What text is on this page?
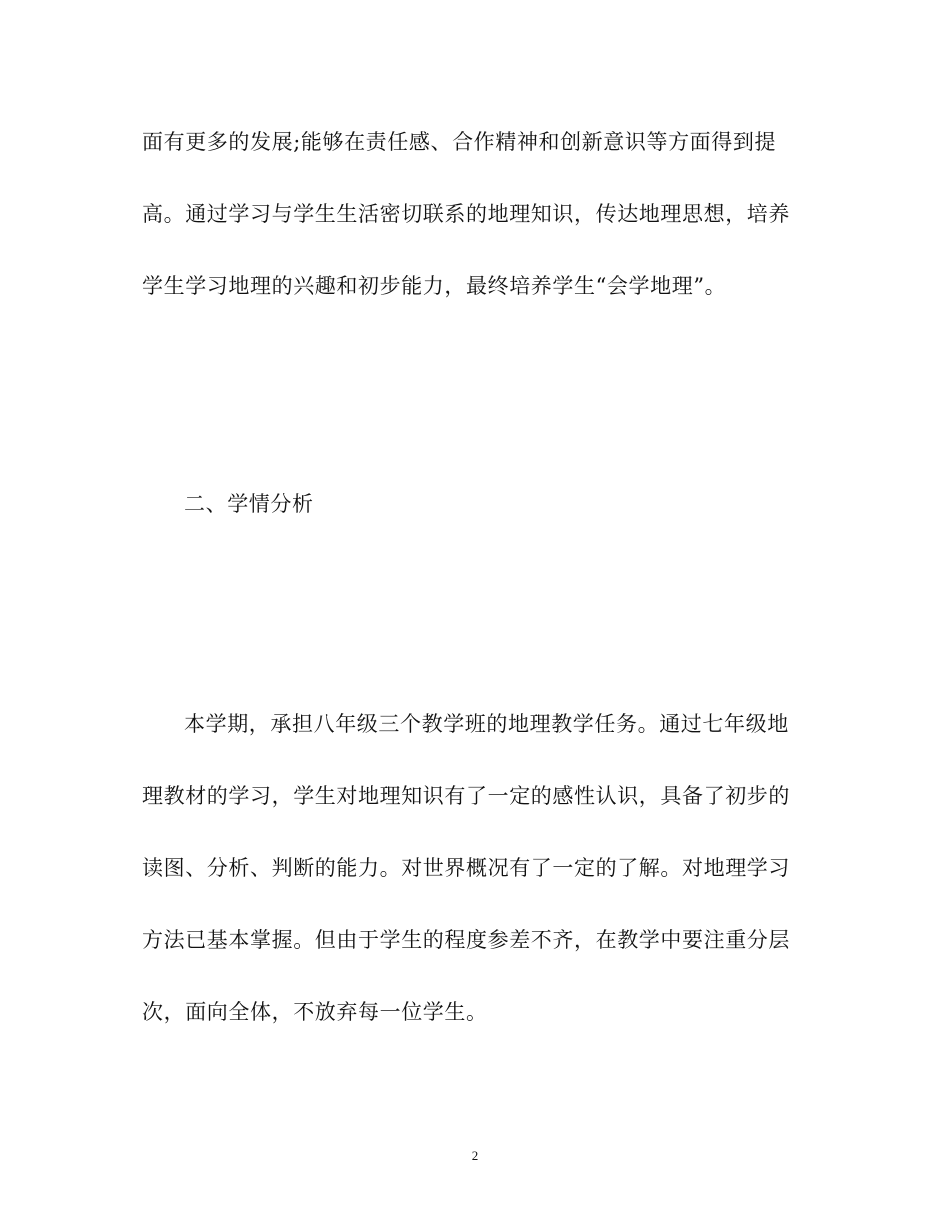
面有更多的发展;能够在责任感、合作精神和创新意识等方面得到提
高。通过学习与学生生活密切联系的地理知识，传达地理思想，培养
学生学习地理的兴趣和初步能力，最终培养学生“会学地理”。
二、学情分析
本学期，承担八年级三个教学班的地理教学任务。通过七年级地
理教材的学习，学生对地理知识有了一定的感性认识，具备了初步的
读图、分析、判断的能力。对世界概况有了一定的了解。对地理学习
方法已基本掌握。但由于学生的程度参差不齐，在教学中要注重分层
次，面向全体，不放弃每一位学生。
2
